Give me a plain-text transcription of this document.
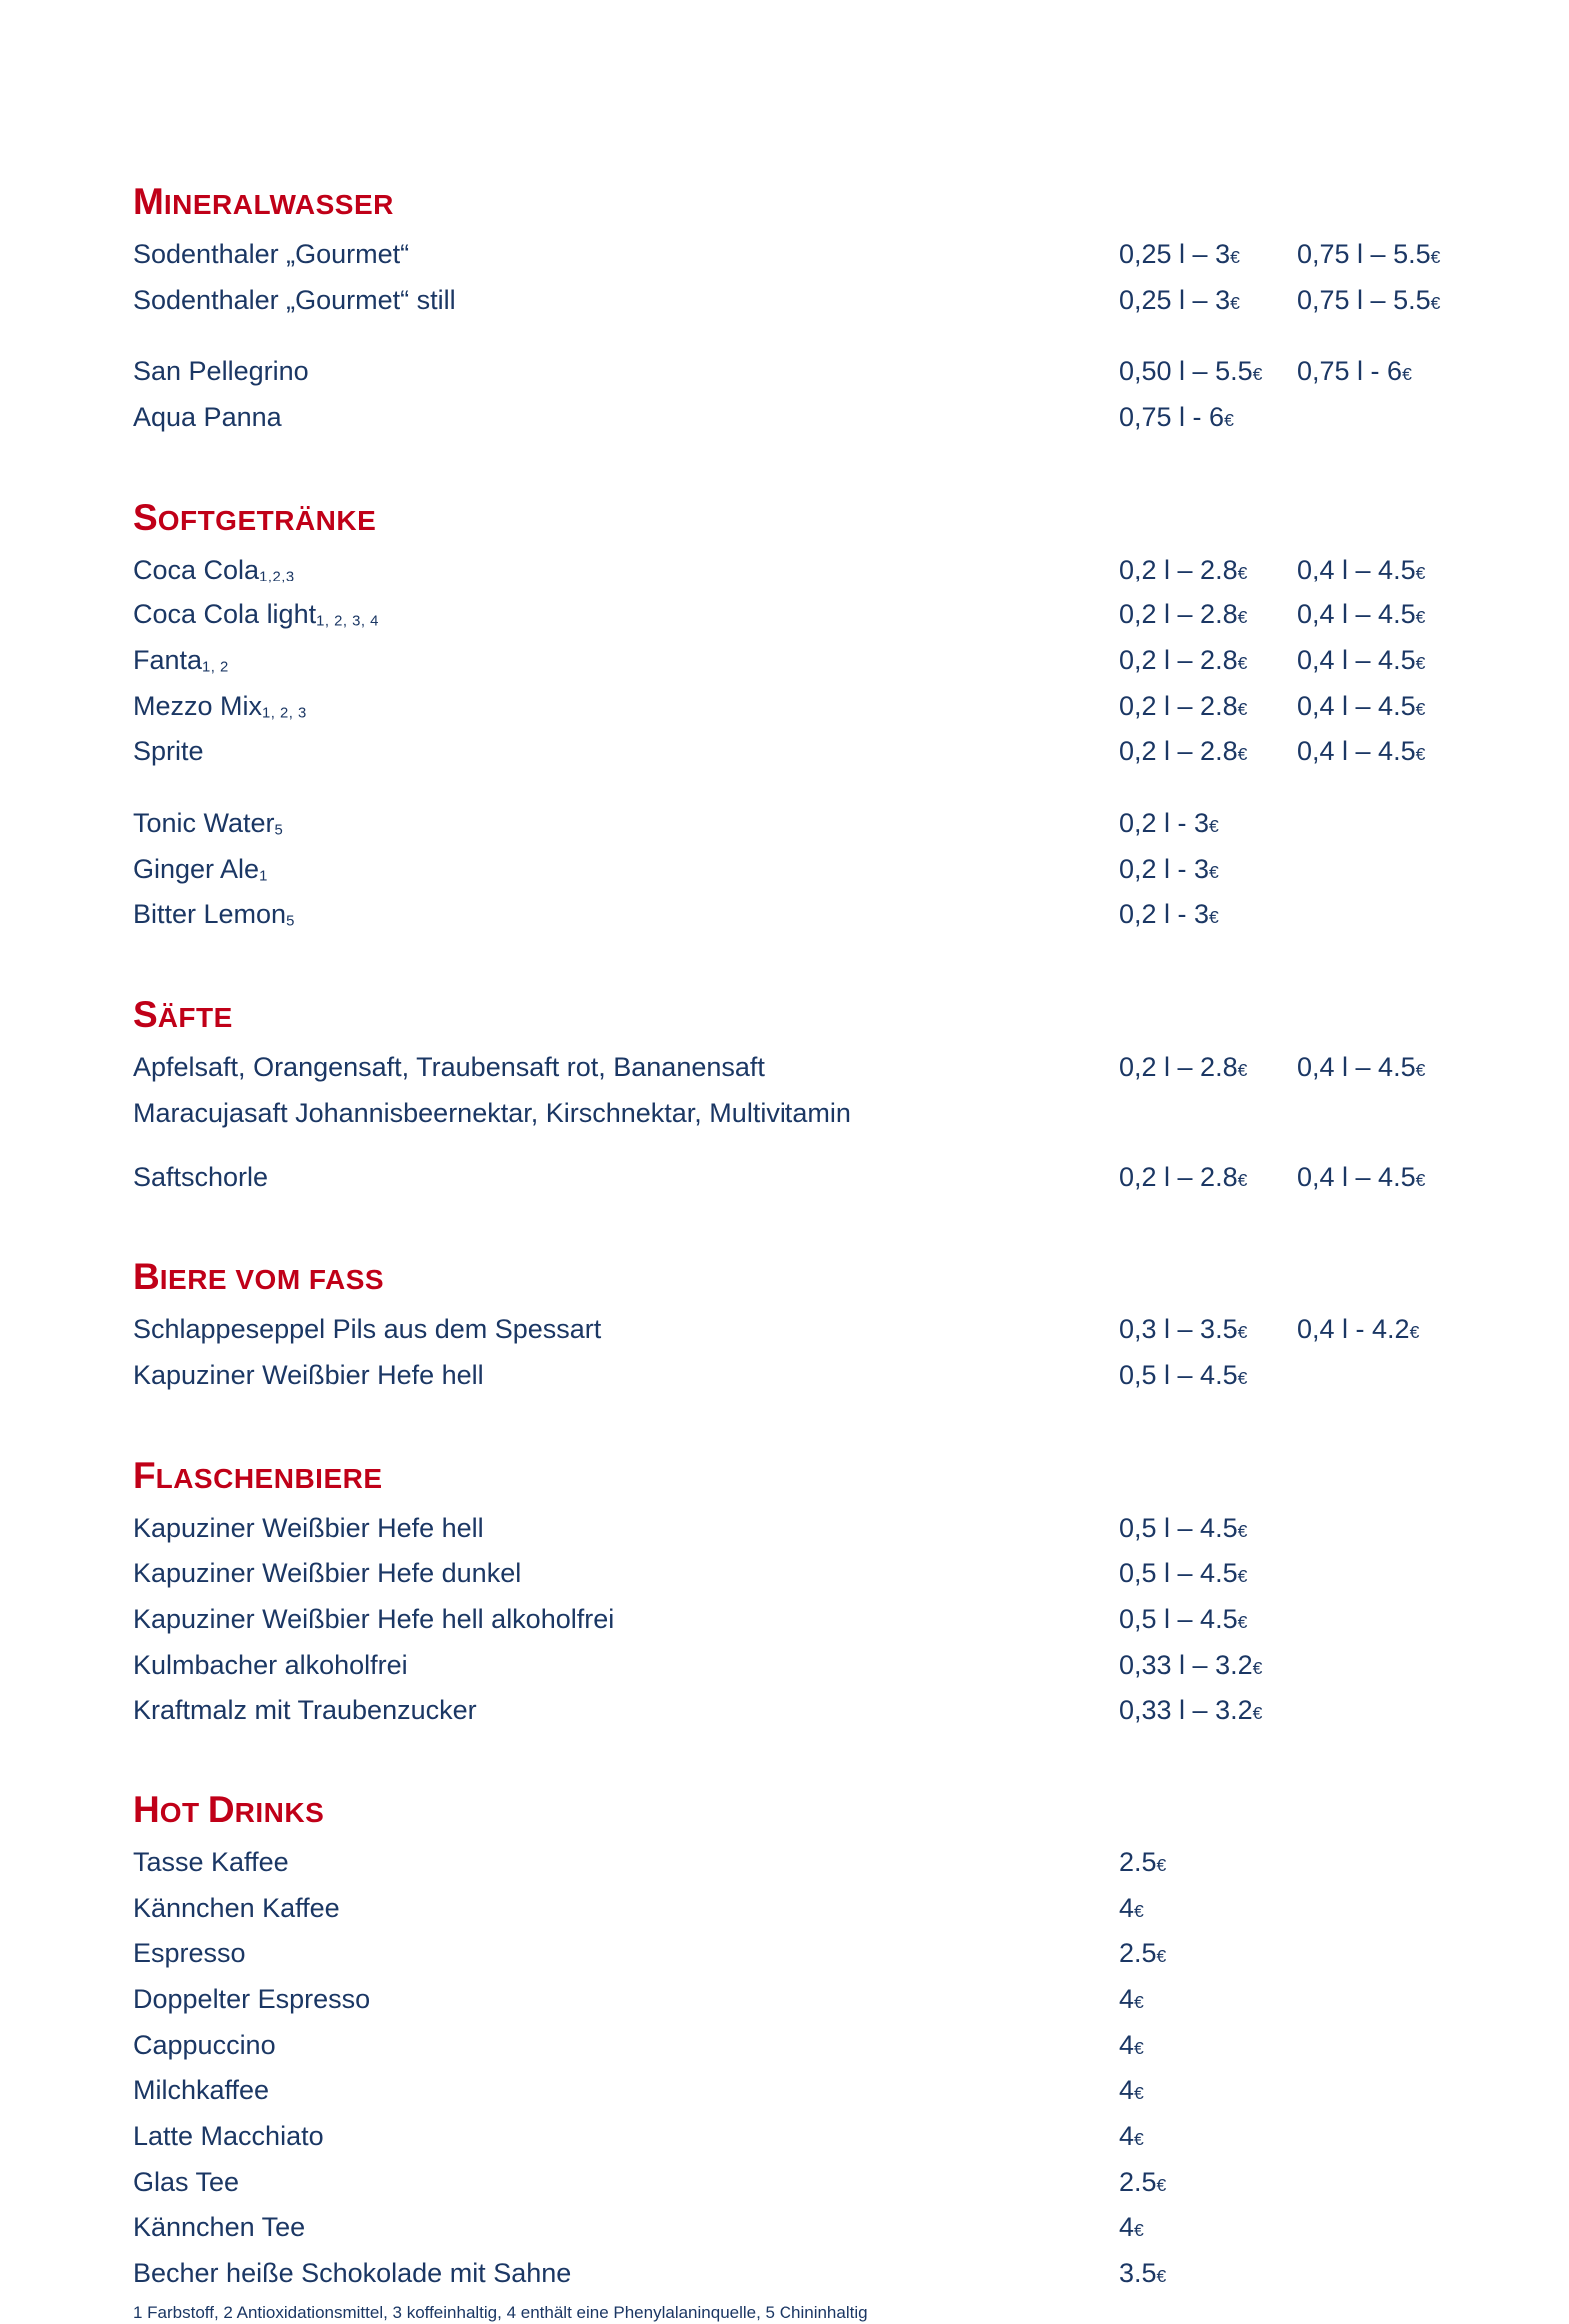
MINERALWASSER
Sodenthaler „Gourmet“	0,25 l – 3€	0,75 l – 5.5€
Sodenthaler „Gourmet“ still	0,25 l – 3€	0,75 l – 5.5€
San Pellegrino	0,50 l – 5.5€	0,75 l - 6€
Aqua Panna	0,75 l - 6€
SOFTGETRÄNKE
Coca Cola$_{1,2,3}$	0,2 l – 2.8€	0,4 l – 4.5€
Coca Cola light$_{1, 2, 3, 4}$	0,2 l – 2.8€	0,4 l – 4.5€
Fanta$_{1, 2}$	0,2 l – 2.8€	0,4 l – 4.5€
Mezzo Mix$_{1, 2, 3}$	0,2 l – 2.8€	0,4 l – 4.5€
Sprite	0,2 l – 2.8€	0,4 l – 4.5€
Tonic Water$_5$	0,2 l - 3€
Ginger Ale$_1$	0,2 l - 3€
Bitter Lemon$_5$	0,2 l - 3€
SÄFTE
Apfelsaft, Orangensaft, Traubensaft rot, Bananensaft	0,2 l – 2.8€	0,4 l – 4.5€
Maracujasaft Johannisbeernektar, Kirschnektar, Multivitamin
Saftschorle	0,2 l – 2.8€	0,4 l – 4.5€
BIERE VOM FASS
Schlappeseppel Pils aus dem Spessart	0,3 l – 3.5€	0,4 l - 4.2€
Kapuziner Weißbier Hefe hell	0,5 l – 4.5€
FLASCHENBIERE
Kapuziner Weißbier Hefe hell	0,5 l – 4.5€
Kapuziner Weißbier Hefe dunkel	0,5 l – 4.5€
Kapuziner Weißbier Hefe hell alkoholfrei	0,5 l – 4.5€
Kulmbacher alkoholfrei	0,33 l – 3.2€
Kraftmalz mit Traubenzucker	0,33 l – 3.2€
HOT DRINKS
Tasse Kaffee	2.5€
Kännchen Kaffee	4€
Espresso	2.5€
Doppelter Espresso	4€
Cappuccino	4€
Milchkaffee	4€
Latte Macchiato	4€
Glas Tee	2.5€
Kännchen Tee	4€
Becher heiße Schokolade mit Sahne	3.5€
1 Farbstoff, 2 Antioxidationsmittel, 3 koffeinhaltig, 4 enthält eine Phenylalaninquelle, 5 Chininhaltig
